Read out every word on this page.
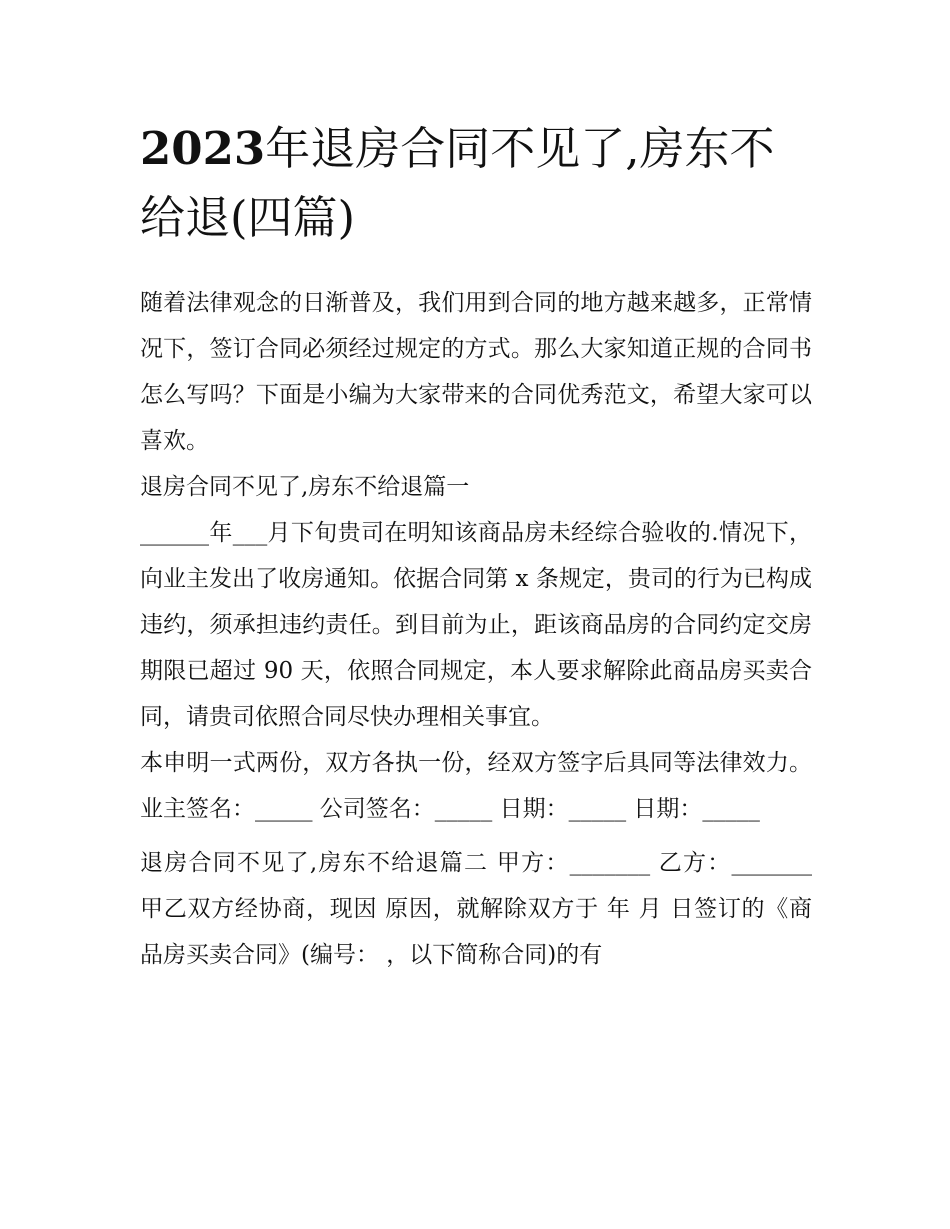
2023年退房合同不见了,房东不给退(四篇)

随着法律观念的日渐普及，我们用到合同的地方越来越多，正常情况下，签订合同必须经过规定的方式。那么大家知道正规的合同书怎么写吗？下面是小编为大家带来的合同优秀范文，希望大家可以喜欢。

退房合同不见了,房东不给退篇一

______年___月下旬贵司在明知该商品房未经综合验收的.情况下，向业主发出了收房通知。依据合同第 x 条规定，贵司的行为已构成违约，须承担违约责任。到目前为止，距该商品房的合同约定交房期限已超过 90 天，依照合同规定，本人要求解除此商品房买卖合同，请贵司依照合同尽快办理相关事宜。

本申明一式两份，双方各执一份，经双方签字后具同等法律效力。 业主签名：_____ 公司签名：_____ 日期：_____ 日期：_____

退房合同不见了,房东不给退篇二 甲方：_______ 乙方：_______ 甲乙双方经协商，现因 原因，就解除双方于 年 月 日签订的《商品房买卖合同》(编号： ，以下简称合同)的有
